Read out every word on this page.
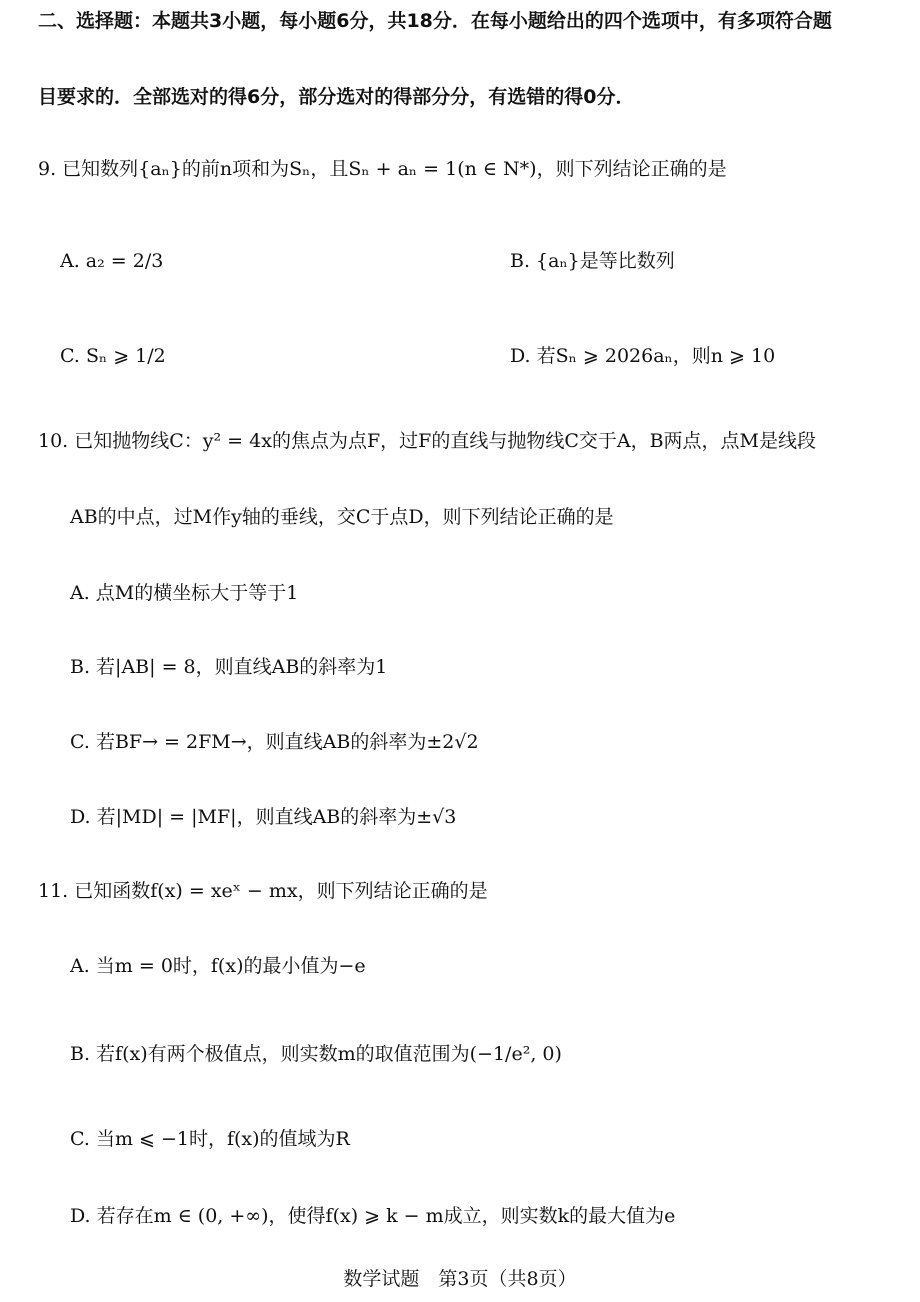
二、选择题：本题共3小题，每小题6分，共18分．在每小题给出的四个选项中，有多项符合题
目要求的．全部选对的得6分，部分选对的得部分分，有选错的得0分．
9. 已知数列{aₙ}的前n项和为Sₙ，且Sₙ + aₙ = 1(n ∈ N*)，则下列结论正确的是
A. a₂ = 2/3	B. {aₙ}是等比数列
C. Sₙ ⩾ 1/2	D. 若Sₙ ⩾ 2026aₙ，则n ⩾ 10
10. 已知抛物线C：y² = 4x的焦点为点F，过F的直线与抛物线C交于A，B两点，点M是线段
AB的中点，过M作y轴的垂线，交C于点D，则下列结论正确的是
A. 点M的横坐标大于等于1
B. 若|AB| = 8，则直线AB的斜率为1
C. 若BF→ = 2FM→，则直线AB的斜率为±2√2
D. 若|MD| = |MF|，则直线AB的斜率为±√3
11. 已知函数f(x) = xeˣ − mx，则下列结论正确的是
A. 当m = 0时，f(x)的最小值为−e
B. 若f(x)有两个极值点，则实数m的取值范围为(−1/e², 0)
C. 当m ⩽ −1时，f(x)的值域为R
D. 若存在m ∈ (0, +∞)，使得f(x) ⩾ k − m成立，则实数k的最大值为e
数学试题　第3页（共8页）
